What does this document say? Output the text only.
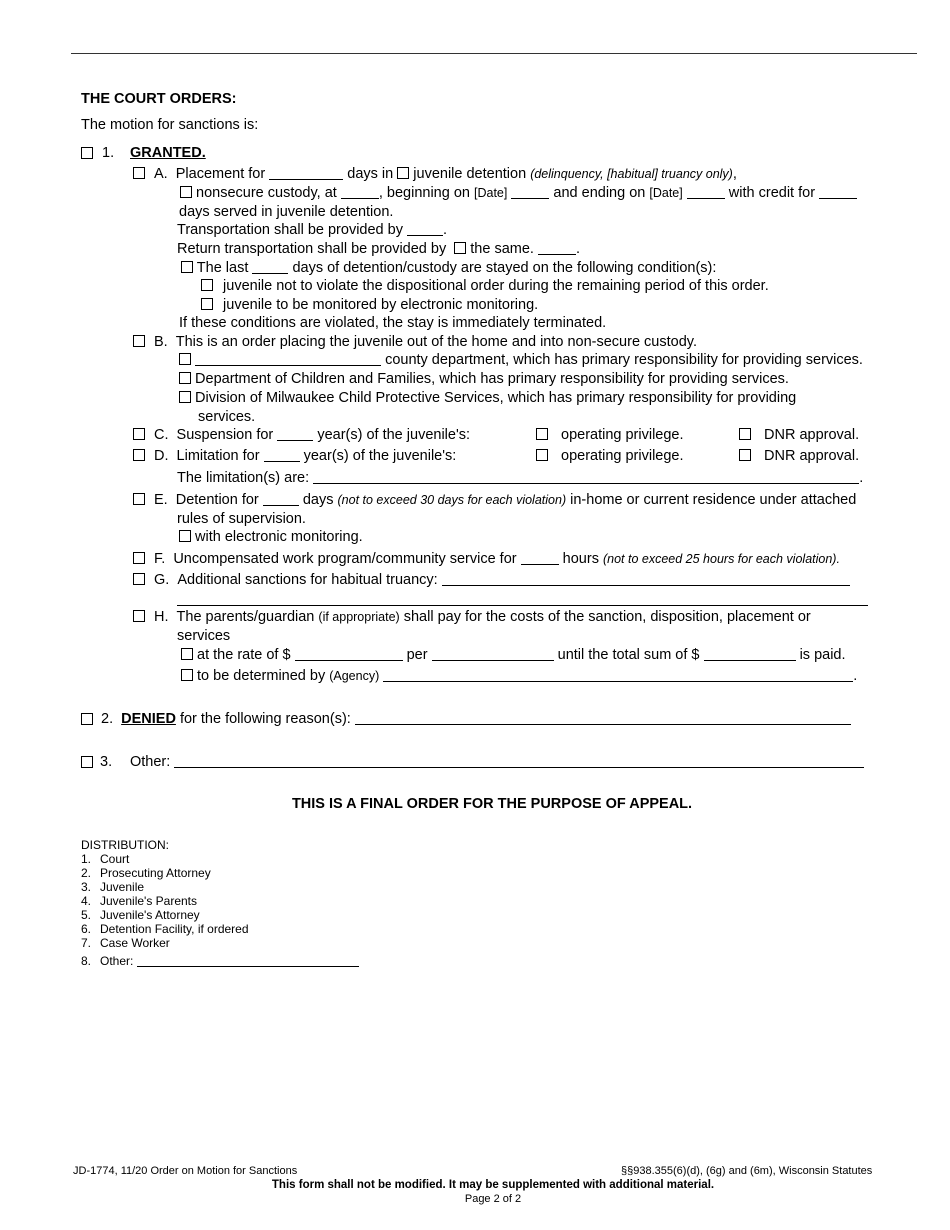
THE COURT ORDERS:
The motion for sanctions is:
1. GRANTED.
A. Placement for	days in juvenile detention (delinquency, [habitual] truancy only),
nonsecure custody, at	, beginning on [Date]	and ending on [Date]	with credit for
days served in juvenile detention.
Transportation shall be provided by	.
Return transportation shall be provided by the same.	.
The last	days of detention/custody are stayed on the following condition(s):
juvenile not to violate the dispositional order during the remaining period of this order.
juvenile to be monitored by electronic monitoring.
If these conditions are violated, the stay is immediately terminated.
B. This is an order placing the juvenile out of the home and into non-secure custody.
county department, which has primary responsibility for providing services.
Department of Children and Families, which has primary responsibility for providing services.
Division of Milwaukee Child Protective Services, which has primary responsibility for providing
services.
C. Suspension for	year(s) of the juvenile's:	operating privilege.	DNR approval.
D. Limitation for	year(s) of the juvenile's:	operating privilege.	DNR approval.
The limitation(s) are:	.
E. Detention for	days (not to exceed 30 days for each violation) in-home or current residence under attached
rules of supervision.
with electronic monitoring.
F. Uncompensated work program/community service for	hours (not to exceed 25 hours for each violation).
G. Additional sanctions for habitual truancy:
H. The parents/guardian (if appropriate) shall pay for the costs of the sanction, disposition, placement or
services
at the rate of $	per	until the total sum of $	is paid.
to be determined by (Agency)	.
2. DENIED for the following reason(s):
3. Other:
THIS IS A FINAL ORDER FOR THE PURPOSE OF APPEAL.
DISTRIBUTION:
1. Court
2. Prosecuting Attorney
3. Juvenile
4. Juvenile's Parents
5. Juvenile's Attorney
6. Detention Facility, if ordered
7. Case Worker
8. Other:
JD-1774, 11/20 Order on Motion for Sanctions	§§938.355(6)(d), (6g) and (6m), Wisconsin Statutes
This form shall not be modified. It may be supplemented with additional material.
Page 2 of 2
